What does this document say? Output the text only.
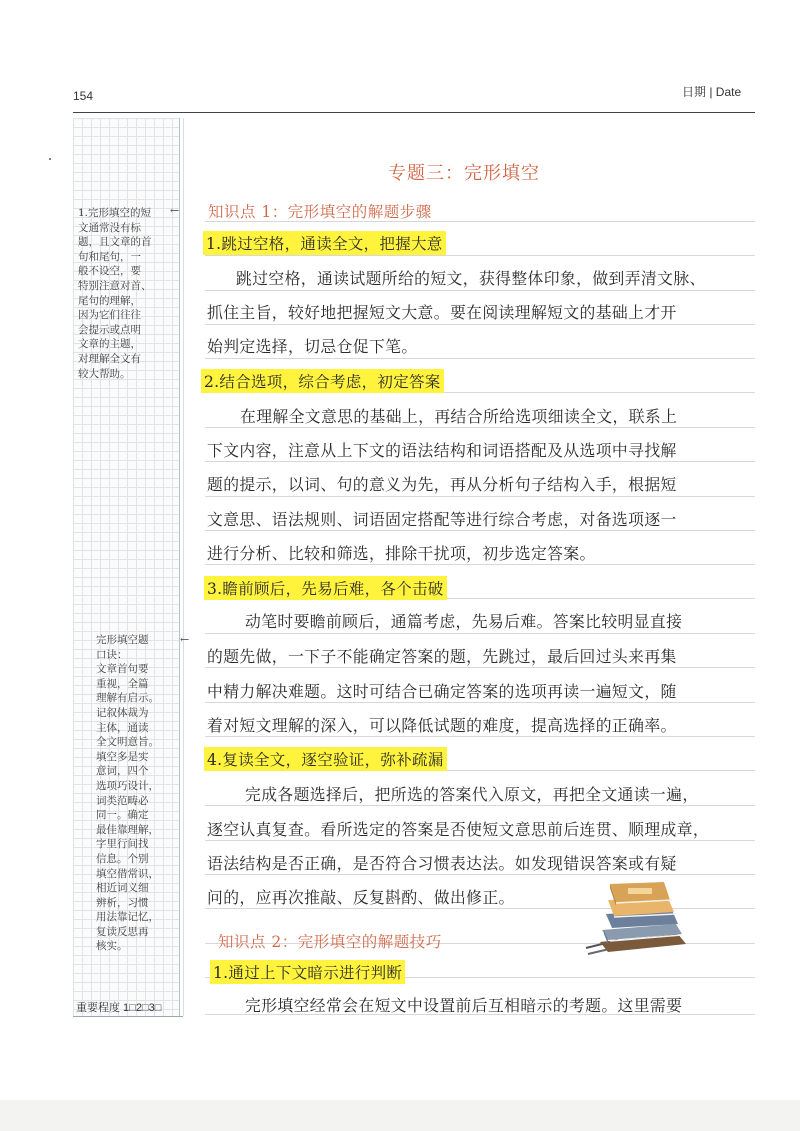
154	日期 | Date
1.完形填空的短
文通常没有标
题，且文章的首
句和尾句，一
般不设空，要
特别注意对首、
尾句的理解，
因为它们往往
会提示或点明
文章的主题，
对理解全文有
较大帮助。
←
完形填空题
口诀：
文章首句要
重视，全篇
理解有启示。
记叙体裁为
主体，通读
全文明意旨。
填空多是实
意词，四个
选项巧设计，
词类范畴必
同一。确定
最佳靠理解，
字里行间找
信息。个别
填空借常识，
相近词义细
辨析，习惯
用法靠记忆，
复读反思再
核实。
←
重要程度 1□2□3□
专题三：完形填空
知识点 1：完形填空的解题步骤
1.跳过空格，通读全文，把握大意
跳过空格，通读试题所给的短文，获得整体印象，做到弄清文脉、
抓住主旨，较好地把握短文大意。要在阅读理解短文的基础上才开
始判定选择，切忌仓促下笔。
2.结合选项，综合考虑，初定答案
在理解全文意思的基础上，再结合所给选项细读全文，联系上
下文内容，注意从上下文的语法结构和词语搭配及从选项中寻找解
题的提示，以词、句的意义为先，再从分析句子结构入手，根据短
文意思、语法规则、词语固定搭配等进行综合考虑，对备选项逐一
进行分析、比较和筛选，排除干扰项，初步选定答案。
3.瞻前顾后，先易后难，各个击破
动笔时要瞻前顾后，通篇考虑，先易后难。答案比较明显直接
的题先做，一下子不能确定答案的题，先跳过，最后回过头来再集
中精力解决难题。这时可结合已确定答案的选项再读一遍短文，随
着对短文理解的深入，可以降低试题的难度，提高选择的正确率。
4.复读全文，逐空验证，弥补疏漏
完成各题选择后，把所选的答案代入原文，再把全文通读一遍，
逐空认真复查。看所选定的答案是否使短文意思前后连贯、顺理成章，
语法结构是否正确，是否符合习惯表达法。如发现错误答案或有疑
问的，应再次推敲、反复斟酌、做出修正。
知识点 2：完形填空的解题技巧
1.通过上下文暗示进行判断
完形填空经常会在短文中设置前后互相暗示的考题。这里需要
